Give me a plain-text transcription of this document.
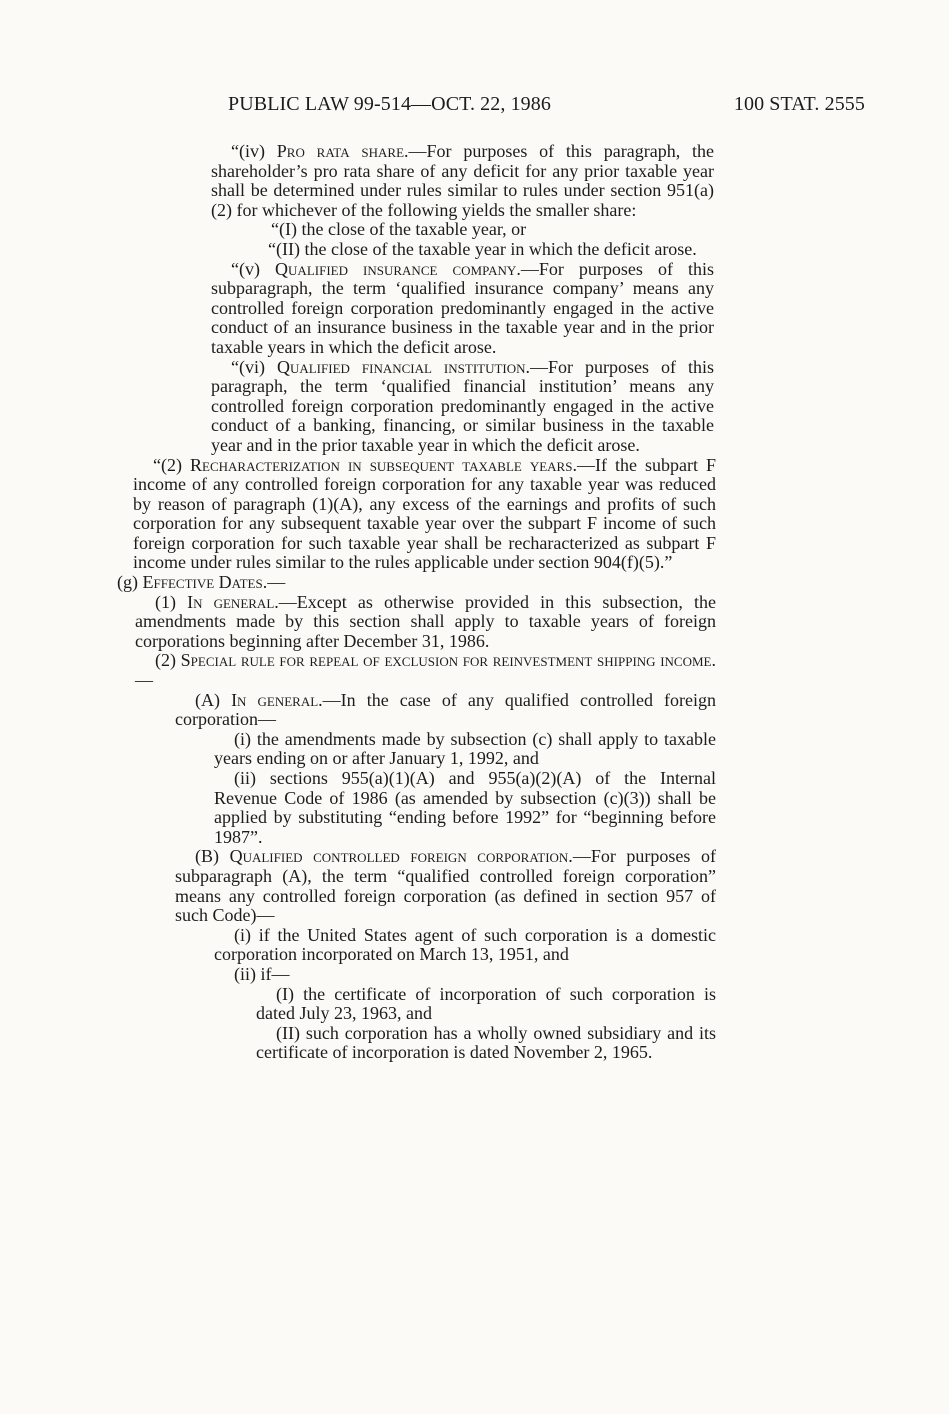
PUBLIC LAW 99-514—OCT. 22, 1986	100 STAT. 2555
“(iv) Pro rata share.—For purposes of this paragraph, the shareholder’s pro rata share of any deficit for any prior taxable year shall be determined under rules similar to rules under section 951(a)(2) for whichever of the following yields the smaller share:
“(I) the close of the taxable year, or
“(II) the close of the taxable year in which the deficit arose.
“(v) Qualified insurance company.—For purposes of this subparagraph, the term ‘qualified insurance company’ means any controlled foreign corporation predominantly engaged in the active conduct of an insurance business in the taxable year and in the prior taxable years in which the deficit arose.
“(vi) Qualified financial institution.—For purposes of this paragraph, the term ‘qualified financial institution’ means any controlled foreign corporation predominantly engaged in the active conduct of a banking, financing, or similar business in the taxable year and in the prior taxable year in which the deficit arose.
“(2) Recharacterization in subsequent taxable years.—If the subpart F income of any controlled foreign corporation for any taxable year was reduced by reason of paragraph (1)(A), any excess of the earnings and profits of such corporation for any subsequent taxable year over the subpart F income of such foreign corporation for such taxable year shall be recharacterized as subpart F income under rules similar to the rules applicable under section 904(f)(5).”
(g) Effective Dates.—
(1) In general.—Except as otherwise provided in this subsection, the amendments made by this section shall apply to taxable years of foreign corporations beginning after December 31, 1986.
(2) Special rule for repeal of exclusion for reinvestment shipping income.—
(A) In general.—In the case of any qualified controlled foreign corporation—
(i) the amendments made by subsection (c) shall apply to taxable years ending on or after January 1, 1992, and
(ii) sections 955(a)(1)(A) and 955(a)(2)(A) of the Internal Revenue Code of 1986 (as amended by subsection (c)(3)) shall be applied by substituting “ending before 1992” for “beginning before 1987”.
(B) Qualified controlled foreign corporation.—For purposes of subparagraph (A), the term “qualified controlled foreign corporation” means any controlled foreign corporation (as defined in section 957 of such Code)—
(i) if the United States agent of such corporation is a domestic corporation incorporated on March 13, 1951, and
(ii) if—
(I) the certificate of incorporation of such corporation is dated July 23, 1963, and
(II) such corporation has a wholly owned subsidiary and its certificate of incorporation is dated November 2, 1965.
